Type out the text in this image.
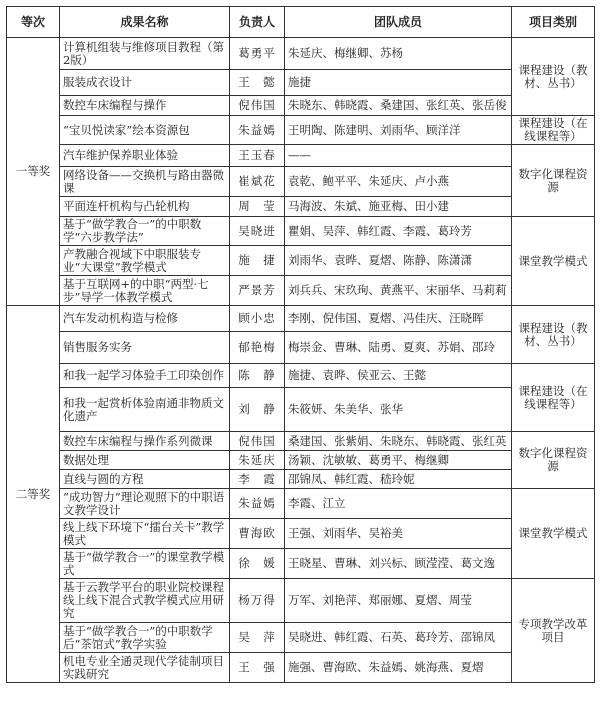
等次	成果名称	负责人	团队成员	项目类别
一等奖	计算机组装与维修项目教程（第2版）	葛勇平	朱延庆、梅继卿、苏杨	课程建设（教材、丛书）
	服装成衣设计	王　懿	施捷	
	数控车床编程与操作	倪伟国	朱晓东、韩晓霞、桑建国、张红英、张岳俊	
	“宝贝悦读家”绘本资源包	朱益嫣	王明陶、陈建明、刘雨华、顾洋洋	课程建设（在线课程等）
	汽车维护保养职业体验	王玉春	——	数字化课程资源
	网络设备——交换机与路由器微课	崔斌花	袁乾、鲍平平、朱延庆、卢小燕	
	平面连杆机构与凸轮机构	周　莹	马海波、朱斌、施亚梅、田小建	
	基于“做学教合一”的中职数学“六步教学法”	吴晓进	瞿娟、吴萍、韩红霞、李霞、葛玲芳	课堂教学模式
	产教融合视域下中职服装专业“大课堂”教学模式	施　捷	刘雨华、袁晔、夏熠、陈静、陈潇潇	
	基于互联网+的中职“两型·七步”导学一体教学模式	严景芳	刘兵兵、宋玖珣、黄燕平、宋丽华、马莉莉	
二等奖	汽车发动机构造与检修	顾小忠	李刚、倪伟国、夏熠、冯佳庆、汪晓晖	课程建设（教材、丛书）
	销售服务实务	郁艳梅	梅崇金、曹琳、陆勇、夏爽、苏娟、邵玲	
	和我一起学习体验手工印染创作	陈　静	施捷、袁晔、侯亚云、王懿	课程建设（在线课程等）
	和我一起赏析体验南通非物质文化遗产	刘　静	朱筱妍、朱美华、张华	
	数控车床编程与操作系列微课	倪伟国	桑建国、张紫娟、朱晓东、韩晓霞、张红英	数字化课程资源
	数据处理	朱延庆	汤颖、沈敏敏、葛勇平、梅继卿	
	直线与圆的方程	李　霞	邵锦凤、韩红霞、嵇玲妮	
	“成功智力”理论观照下的中职语文教学设计	朱益嫣	李霞、江立	课堂教学模式
	线上线下环境下“擂台关卡”教学模式	曹海欧	王强、刘雨华、吴裕美	
	基于“做学教合一”的课堂教学模式	徐　媛	王晓星、曹琳、刘兴标、顾滢滢、葛文逸	
	基于云教学平台的职业院校课程线上线下混合式教学模式应用研究	杨万得	万军、刘艳萍、郑丽娜、夏熠、周莹	专项教学改革项目
	基于“做学教合一”的中职数学后“茶馆式”教学实验	吴　萍	吴晓进、韩红霞、石英、葛玲芳、邵锦凤	
	机电专业全通灵现代学徒制项目实践研究	王　强	施强、曹海欧、朱益嫣、姚海燕、夏熠	
